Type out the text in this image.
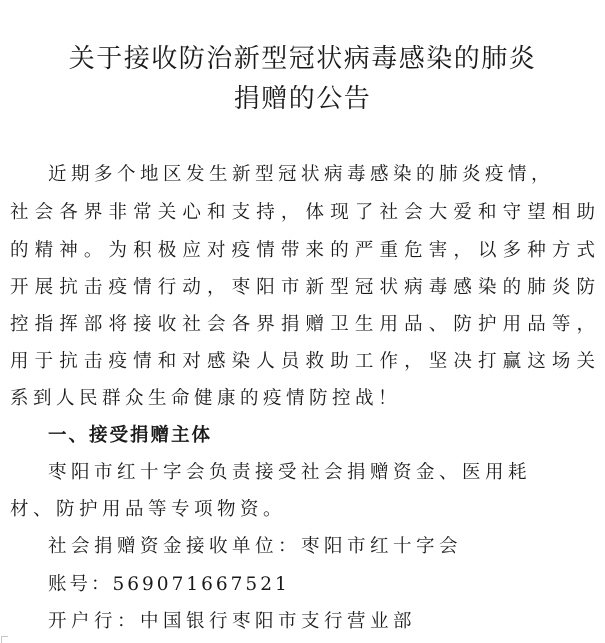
关于接收防治新型冠状病毒感染的肺炎
捐赠的公告

近期多个地区发生新型冠状病毒感染的肺炎疫情，

社会各界非常关心和支持，体现了社会大爱和守望相助

的精神。为积极应对疫情带来的严重危害，以多种方式

开展抗击疫情行动，枣阳市新型冠状病毒感染的肺炎防

控指挥部将接收社会各界捐赠卫生用品、防护用品等，

用于抗击疫情和对感染人员救助工作，坚决打赢这场关

系到人民群众生命健康的疫情防控战！

一、接受捐赠主体

枣阳市红十字会负责接受社会捐赠资金、医用耗

材、防护用品等专项物资。

社会捐赠资金接收单位：枣阳市红十字会

账号：569071667521

开户行：中国银行枣阳市支行营业部
